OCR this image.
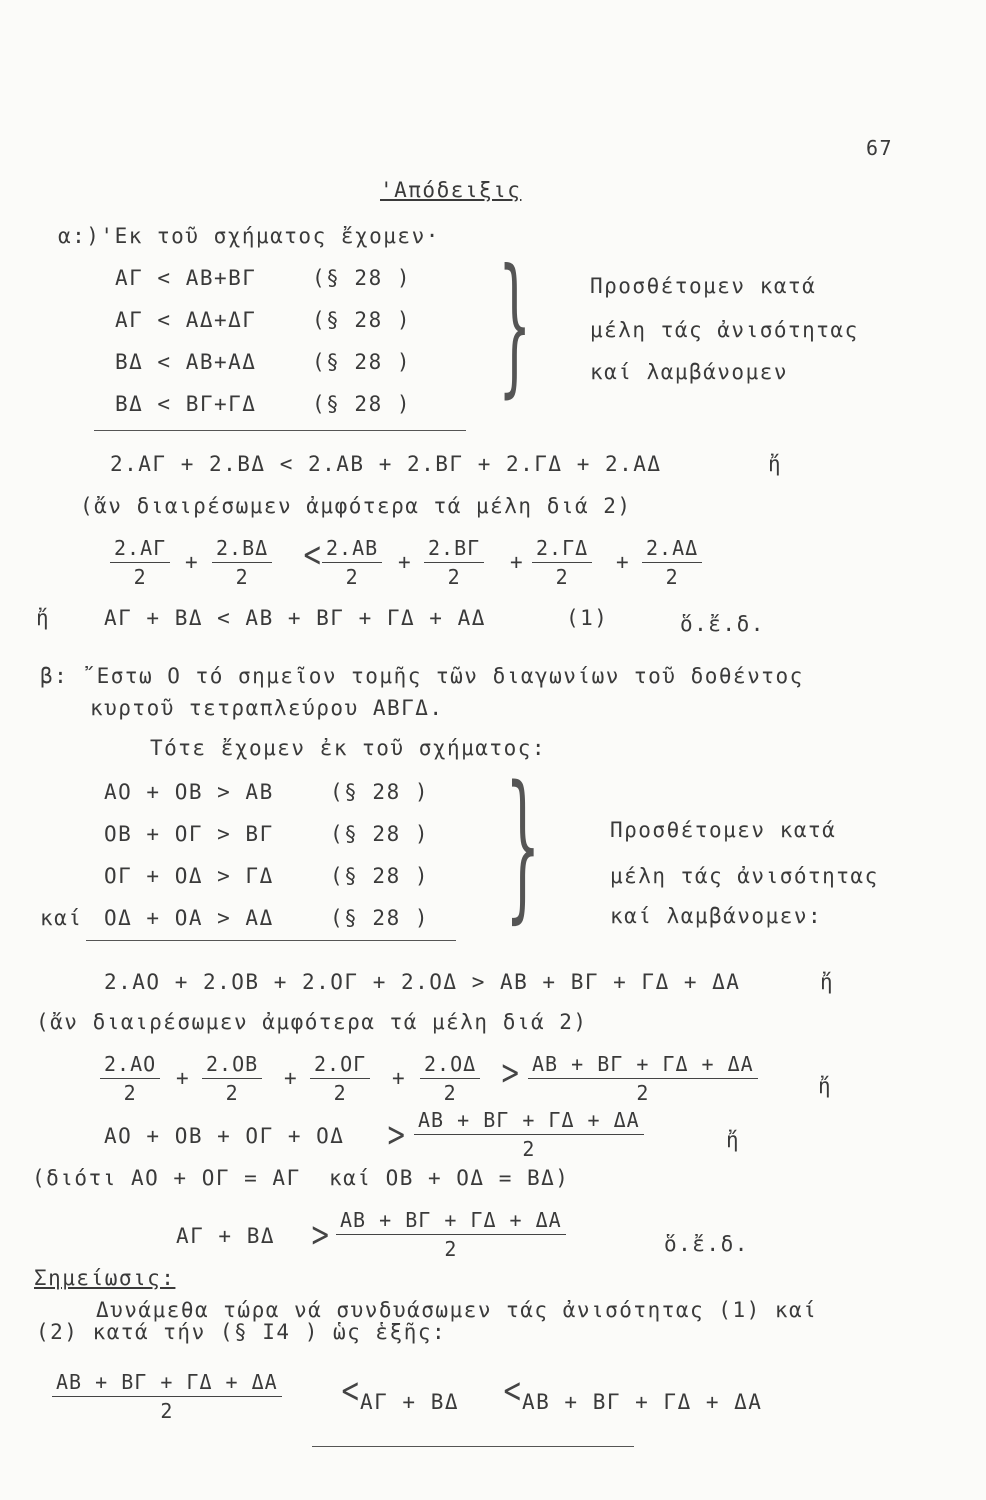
67
'Απόδειξις
α:)'Εκ τοῦ σχήματος ἔχομεν·
ΑΓ < ΑΒ+ΒΓ	(§ 28 )
ΑΓ < ΑΔ+ΔΓ	(§ 28 )
ΒΔ < ΑΒ+ΑΔ	(§ 28 )
ΒΔ < ΒΓ+ΓΔ	(§ 28 ) }	Προσθέτομεν κατά
μέλη τάς ἀνισότητας
καί λαμβάνομεν
2.ΑΓ + 2.ΒΔ < 2.ΑΒ + 2.ΒΓ + 2.ΓΔ + 2.ΑΔ	ἤ
(ἄν διαιρέσωμεν ἀμφότερα τά μέλη διά 2)
$\frac{2.A\Gamma}{2} + \frac{2.B\Delta}{2} < \frac{2.AB}{2} + \frac{2.B\Gamma}{2} + \frac{2.\Gamma\Delta}{2} + \frac{2.A\Delta}{2}$
ἤ	ΑΓ + ΒΔ < ΑΒ + ΒΓ + ΓΔ + ΑΔ	(1)	ὅ.ἔ.δ.
β: ῎Εστω Ο τό σημεῖον τομῆς τῶν διαγωνίων τοῦ δοθέντος
κυρτοῦ τετραπλεύρου ΑΒΓΔ.
Τότε ἔχομεν ἐκ τοῦ σχήματος:
ΑΟ + ΟΒ > ΑΒ	(§ 28 )
ΟΒ + ΟΓ > ΒΓ	(§ 28 )
ΟΓ + ΟΔ > ΓΔ	(§ 28 )
καί ΟΔ + ΟΑ > ΑΔ	(§ 28 ) }	Προσθέτομεν κατά
μέλη τάς ἀνισότητας
καί λαμβάνομεν:
2.ΑΟ + 2.ΟΒ + 2.ΟΓ + 2.ΟΔ > ΑΒ + ΒΓ + ΓΔ + ΔΑ	ἤ
(ἄν διαιρέσωμεν ἀμφότερα τά μέλη διά 2)
$\frac{2.AO}{2} + \frac{2.OB}{2} + \frac{2.O\Gamma}{2} + \frac{2.O\Delta}{2} > \frac{AB + B\Gamma + \Gamma\Delta + \Delta A}{2}$	ἤ
$AO + OB + O\Gamma + O\Delta > \frac{AB + B\Gamma + \Gamma\Delta + \Delta A}{2}$	ἤ
(διότι ΑΟ + ΟΓ = ΑΓ  καί ΟΒ + ΟΔ = ΒΔ)
$A\Gamma + B\Delta > \frac{AB + B\Gamma + \Gamma\Delta + \Delta A}{2}$	ὅ.ἔ.δ.
Σημείωσις:
Δυνάμεθα τώρα νά συνδυάσωμεν τάς ἀνισότητας (1) καί
(2) κατά τήν (§ Ι4 ) ὡς ἑξῆς:
$\frac{AB + B\Gamma + \Gamma\Delta + \Delta A}{2} < A\Gamma + B\Delta < AB + B\Gamma + \Gamma\Delta + \Delta A$
